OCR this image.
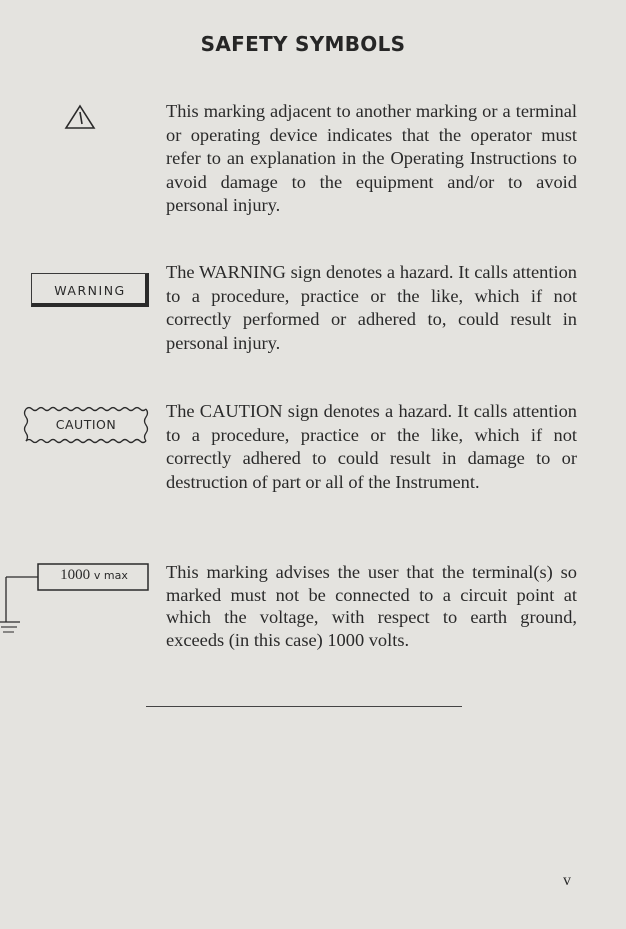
SAFETY SYMBOLS
This marking adjacent to another marking or a terminal or operating device indicates that the operator must refer to an explanation in the Operating Instructions to avoid damage to the equipment and/or to avoid personal injury.
WARNING
The WARNING sign denotes a hazard. It calls attention to a procedure, practice or the like, which if not correctly performed or adhered to, could result in personal injury.
CAUTION
The CAUTION sign denotes a hazard. It calls attention to a procedure, practice or the like, which if not correctly adhered to could result in damage to or destruction of part or all of the Instrument.
1000 v max	This marking advises the user that the terminal(s) so marked must not be connected to a circuit point at which the voltage, with respect to earth ground, exceeds (in this case) 1000 volts.
v
